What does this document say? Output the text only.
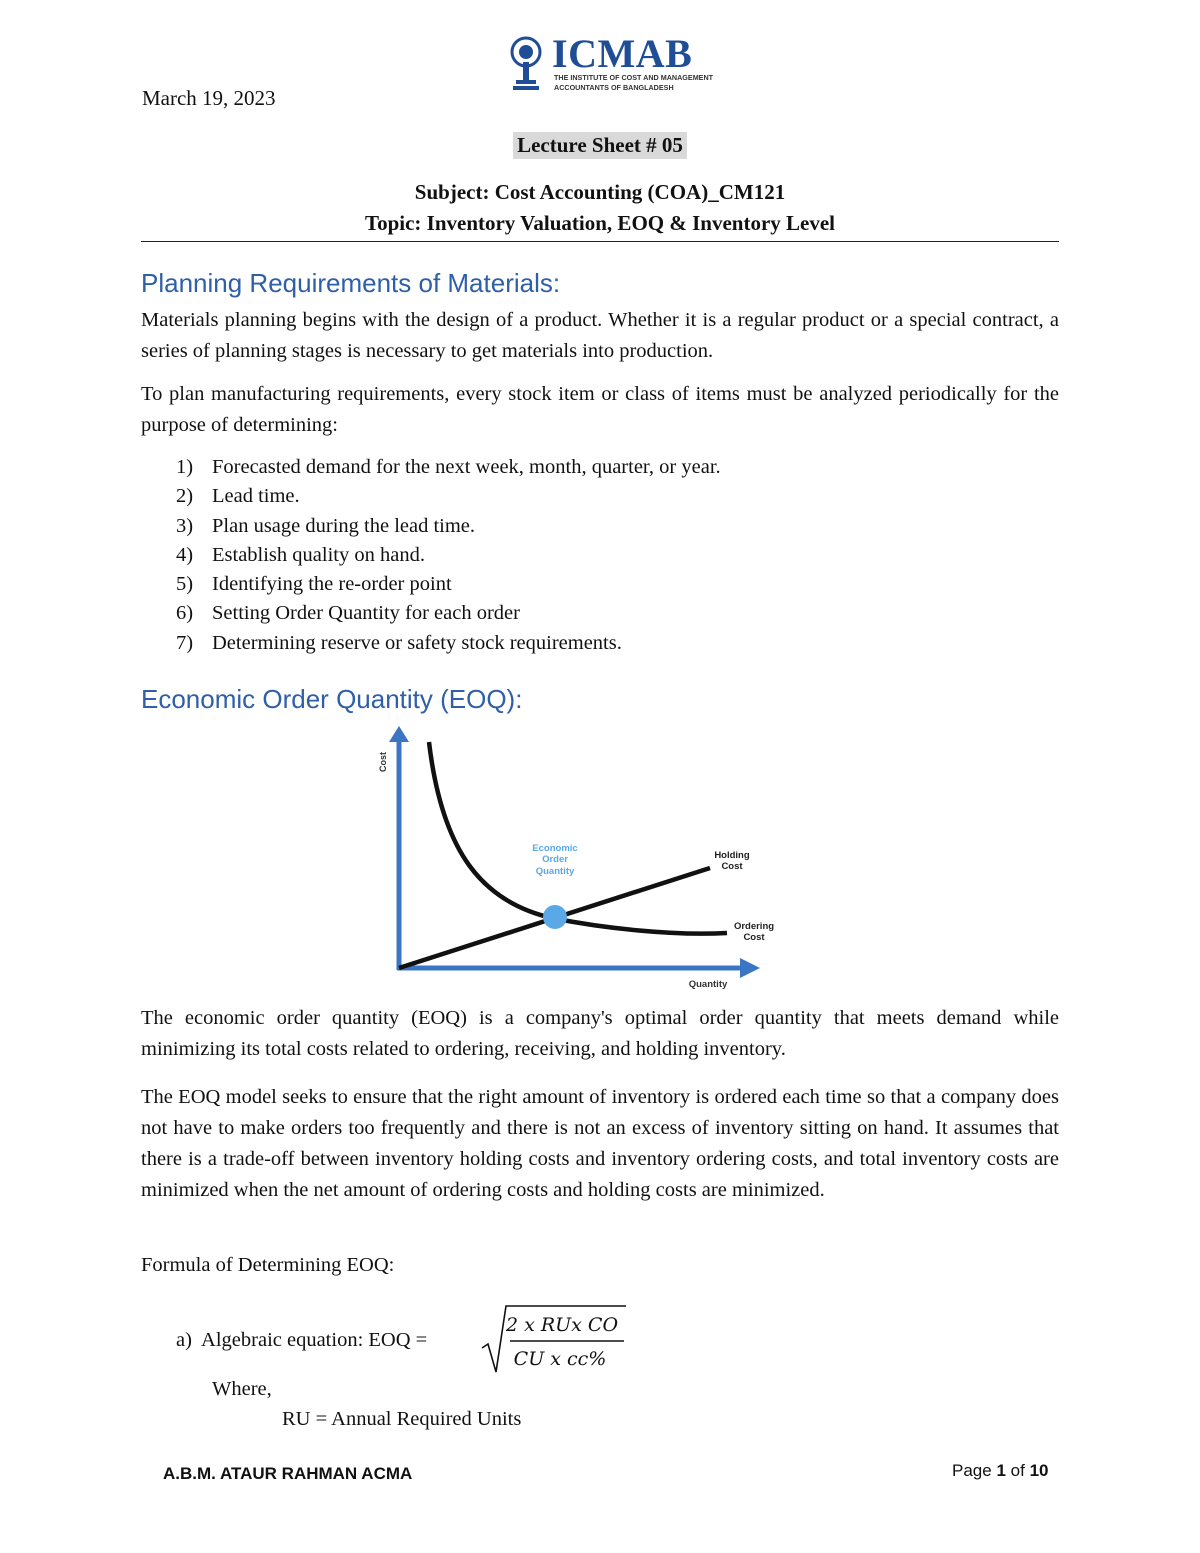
March 19, 2023
ICMAB
THE INSTITUTE OF COST AND MANAGEMENT
ACCOUNTANTS OF BANGLADESH
Lecture Sheet # 05
Subject: Cost Accounting (COA)_CM121
Topic: Inventory Valuation, EOQ & Inventory Level
Planning Requirements of Materials:
Materials planning begins with the design of a product. Whether it is a regular product or a special contract, a series of planning stages is necessary to get materials into production.
To plan manufacturing requirements, every stock item or class of items must be analyzed periodically for the purpose of determining:
1) Forecasted demand for the next week, month, quarter, or year.
2) Lead time.
3) Plan usage during the lead time.
4) Establish quality on hand.
5) Identifying the re-order point
6) Setting Order Quantity for each order
7) Determining reserve or safety stock requirements.
Economic Order Quantity (EOQ):
Cost
Quantity
Economic
Order
Quantity
Holding
Cost
Ordering
Cost
The economic order quantity (EOQ) is a company's optimal order quantity that meets demand while minimizing its total costs related to ordering, receiving, and holding inventory.
The EOQ model seeks to ensure that the right amount of inventory is ordered each time so that a company does not have to make orders too frequently and there is not an excess of inventory sitting on hand. It assumes that there is a trade-off between inventory holding costs and inventory ordering costs, and total inventory costs are minimized when the net amount of ordering costs and holding costs are minimized.
Formula of Determining EOQ:
a)  Algebraic equation: EOQ =
2 x RUx CO
CU x cc%
Where,
RU = Annual Required Units
A.B.M. ATAUR RAHMAN ACMA	Page 1 of 10
